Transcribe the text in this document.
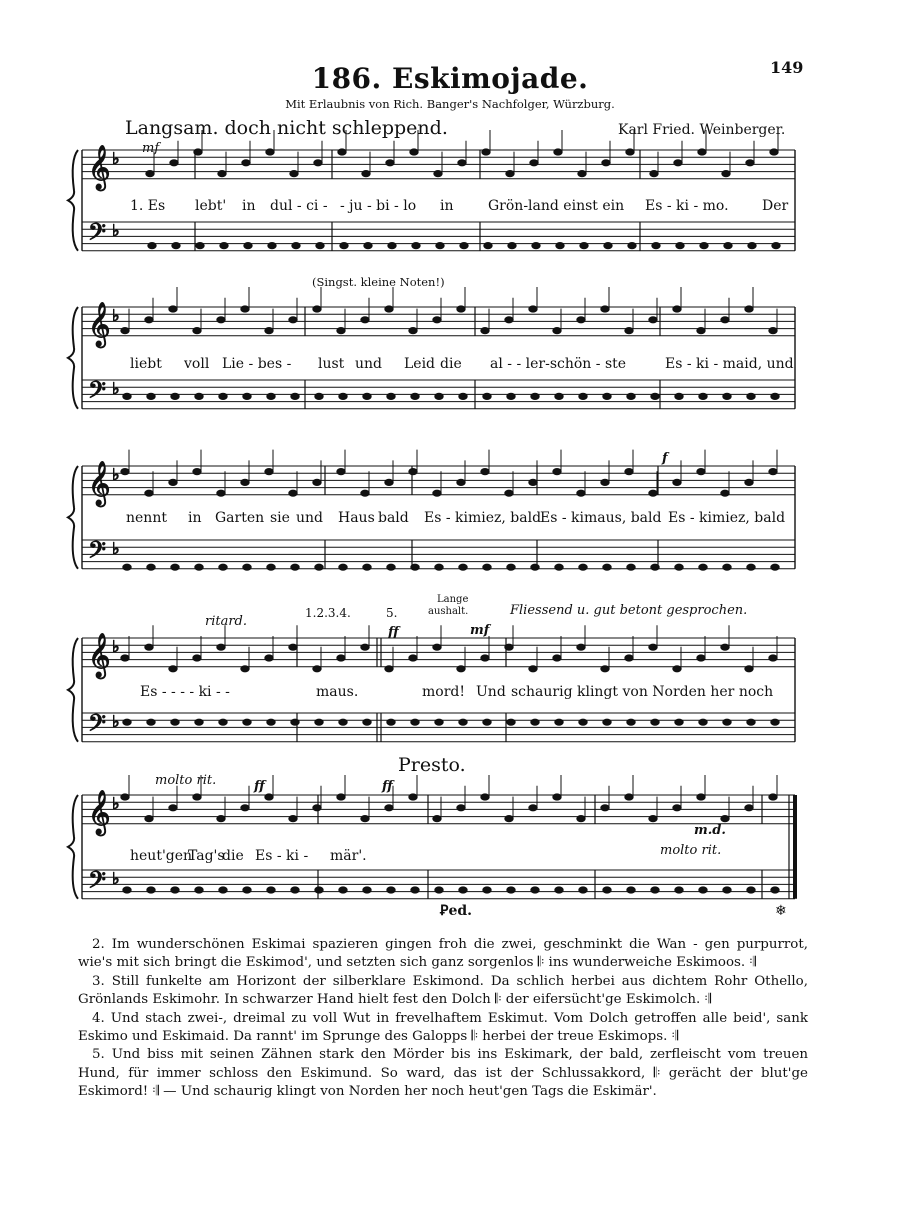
149
186. Eskimojade.
Mit Erlaubnis von Rich. Banger's Nachfolger, Würzburg.
Langsam. doch nicht schleppend.	Karl Fried. Weinberger.
𝄞
𝄢
♭
♭
𝄞
𝄢
♭
♭
𝄞
𝄢
♭
♭
𝄞
𝄢
♭
♭
𝄞
𝄢
♭
♭
mf
1. Es lebt' in dul - ci - - ju - bi - lo in Grön-land einst ein Es - ki - mo. Der
(Singst. kleine Noten!)
liebt voll Lie - bes - lust und Leid die al - - ler-schön - ste	Es - ki - maid, und
f
nennt in Garten sie und Haus bald Es - kimiez, bald
Es - kimaus, bald Es - kimiez, bald
ritard.
1.2.3.4.	5.
Lange
aushalt.
ff	mf
Fliessend u. gut betont gesprochen.
Es - - - - ki - -	maus.	mord! Und schaurig klingt von Norden her noch
molto rit.	ff
Presto.
ff
m.d.
molto rit.
heut'gen
Tag's
die Es - ki - mär'.
Ꝑed.	❄

2. Im wunderschönen Eskimai spazieren gingen froh die zwei, geschminkt die Wan - gen purpurrot, wie's mit sich bringt die Eskimod', und setzten sich ganz sorgenlos 𝄆 ins wunderweiche Eskimoos. 𝄇

3. Still funkelte am Horizont der silberklare Eskimond. Da schlich herbei aus dichtem Rohr Othello, Grönlands Eskimohr. In schwarzer Hand hielt fest den Dolch 𝄆 der eifersücht'ge Eskimolch. 𝄇

4. Und stach zwei-, dreimal zu voll Wut in frevelhaftem Eskimut. Vom Dolch getroffen alle beid', sank Eskimo und Eskimaid. Da rannt' im Sprunge des Galopps 𝄆 herbei der treue Eskimops. 𝄇

5. Und biss mit seinen Zähnen stark den Mörder bis ins Eskimark, der bald, zerfleischt vom treuen Hund, für immer schloss den Eskimund. So ward, das ist der Schlussakkord, 𝄆 gerächt der blut'ge Eskimord! 𝄇 — Und schaurig klingt von Norden her noch heut'gen Tags die Eskimär'.
